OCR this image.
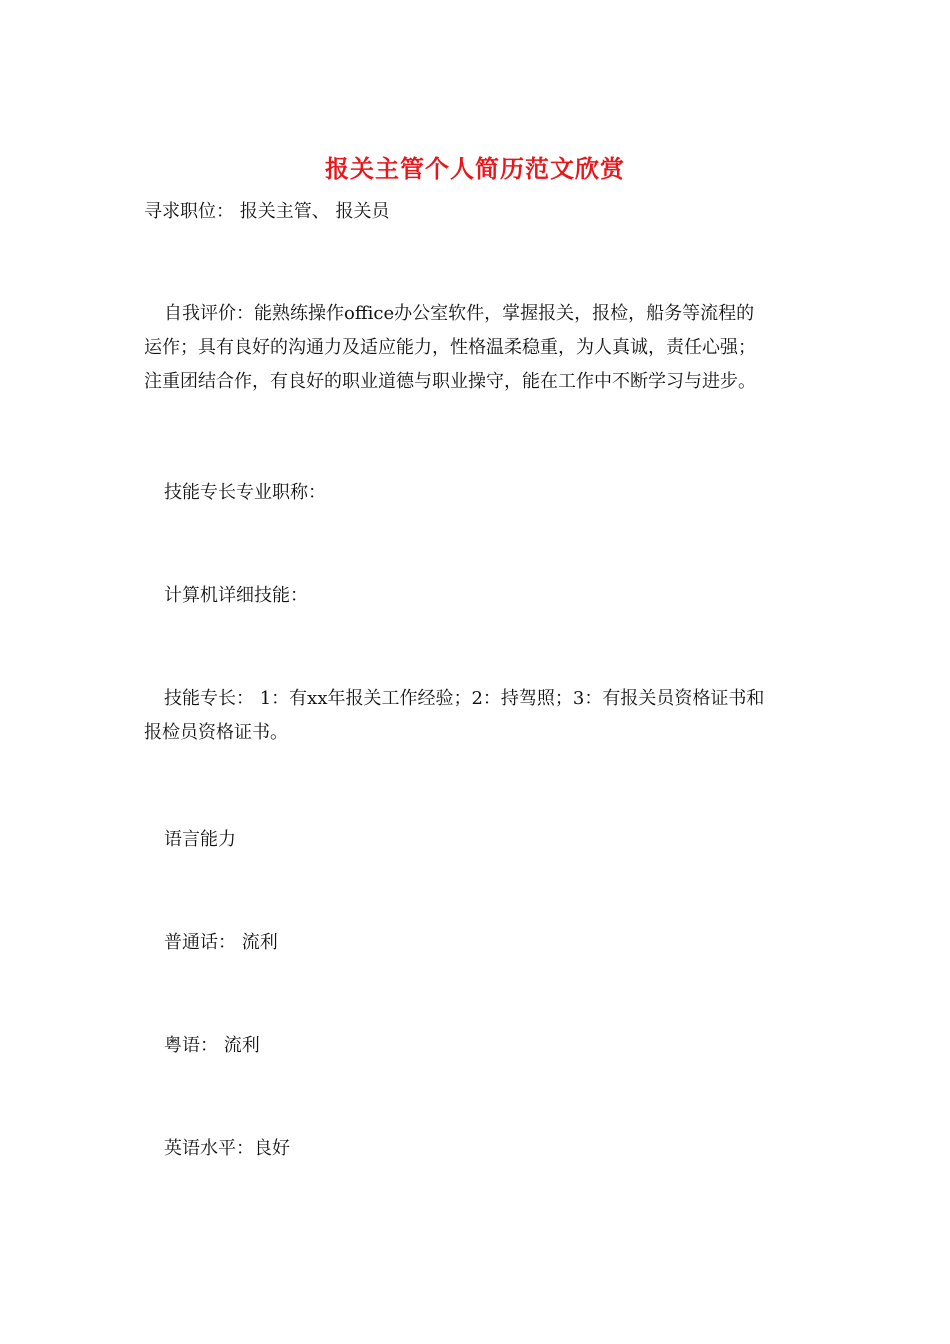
报关主管个人简历范文欣赏
寻求职位： 报关主管、 报关员
自我评价：能熟练操作office办公室软件，掌握报关，报检，船务等流程的
运作；具有良好的沟通力及适应能力，性格温柔稳重，为人真诚，责任心强；
注重团结合作，有良好的职业道德与职业操守，能在工作中不断学习与进步。
技能专长专业职称：
计算机详细技能：
技能专长： 1：有xx年报关工作经验；2：持驾照；3：有报关员资格证书和
报检员资格证书。
语言能力
普通话： 流利
粤语： 流利
英语水平：良好
